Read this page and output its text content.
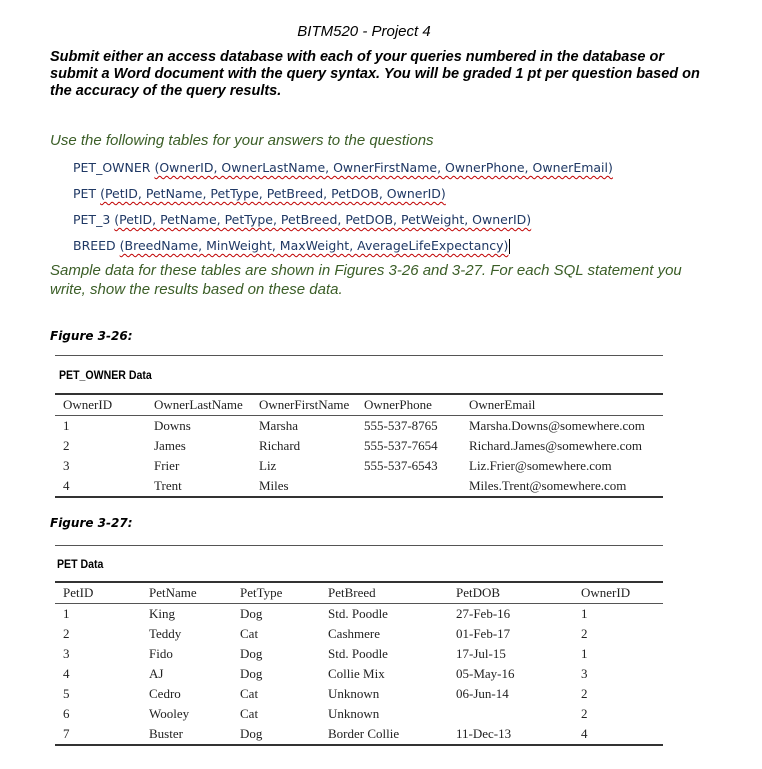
BITM520 - Project 4
Submit either an access database with each of your queries numbered in the database or submit a Word document with the query syntax. You will be graded 1 pt per question based on the accuracy of the query results.
Use the following tables for your answers to the questions
PET_OWNER (OwnerID, OwnerLastName, OwnerFirstName, OwnerPhone, OwnerEmail)
PET (PetID, PetName, PetType, PetBreed, PetDOB, OwnerID)
PET_3 (PetID, PetName, PetType, PetBreed, PetDOB, PetWeight, OwnerID)
BREED (BreedName, MinWeight, MaxWeight, AverageLifeExpectancy)
Sample data for these tables are shown in Figures 3-26 and 3-27. For each SQL statement you write, show the results based on these data.
Figure 3-26:
PET_OWNER Data
OwnerID	OwnerLastName	OwnerFirstName	OwnerPhone	OwnerEmail
1	Downs	Marsha	555-537-8765	Marsha.Downs@somewhere.com
2	James	Richard	555-537-7654	Richard.James@somewhere.com
3	Frier	Liz	555-537-6543	Liz.Frier@somewhere.com
4	Trent	Miles		Miles.Trent@somewhere.com
Figure 3-27:
PET Data
PetID	PetName	PetType	PetBreed	PetDOB	OwnerID
1	King	Dog	Std. Poodle	27-Feb-16	1
2	Teddy	Cat	Cashmere	01-Feb-17	2
3	Fido	Dog	Std. Poodle	17-Jul-15	1
4	AJ	Dog	Collie Mix	05-May-16	3
5	Cedro	Cat	Unknown	06-Jun-14	2
6	Wooley	Cat	Unknown		2
7	Buster	Dog	Border Collie	11-Dec-13	4
